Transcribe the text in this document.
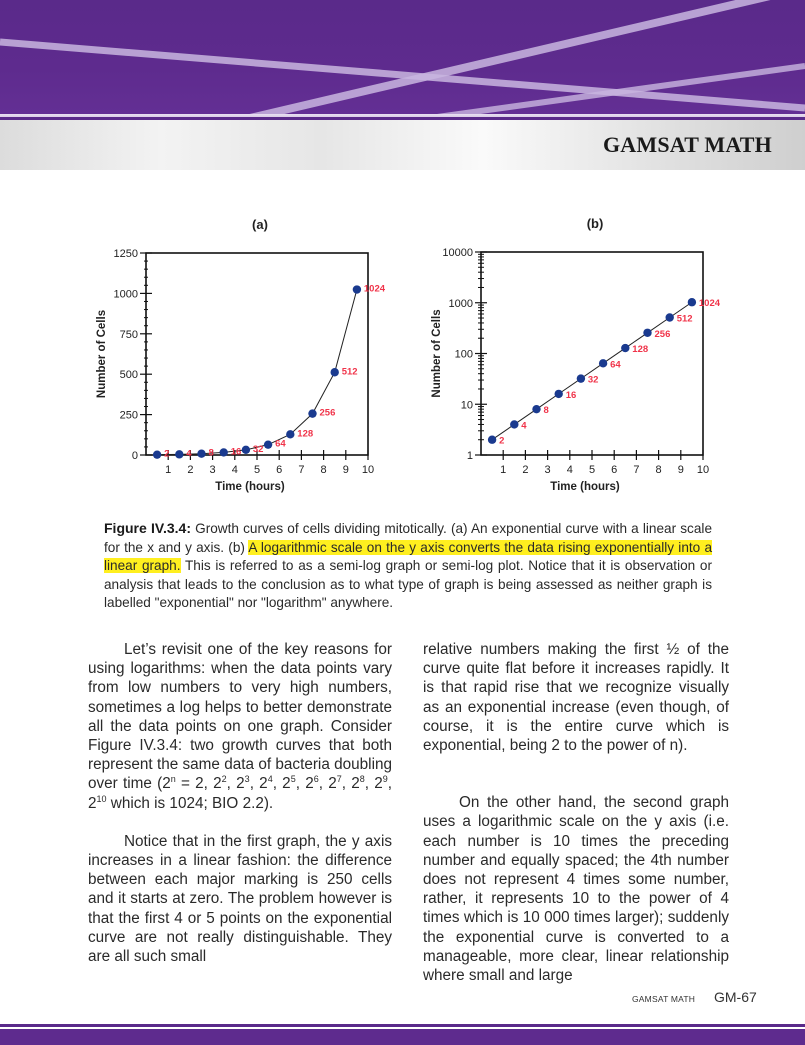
GAMSAT MATH
(a)
0
250
500
750
1000
1250
1 2 3 4 5 6 7 8 9 10
Time (hours)
Number of Cells
2 4 8 16 32 64
128
256
512
1024
(b)
1
10
100
1000
10000
1 2 3 4 5 6 7 8 9 10
Time (hours)
Number of Cells
2
4
8
16
32
64
128
256
512
1024
Figure IV.3.4: Growth curves of cells dividing mitotically. (a) An exponential curve with a linear scale for the x and y axis. (b) A logarithmic scale on the y axis converts the data rising exponentially into a linear graph. This is referred to as a semi-log graph or semi-log plot. Notice that it is observation or analysis that leads to the conclusion as to what type of graph is being assessed as neither graph is labelled "exponential" nor "logarithm" anywhere.

Let’s revisit one of the key reasons for using logarithms: when the data points vary from low numbers to very high numbers, sometimes a log helps to better demonstrate all the data points on one graph. Consider Figure IV.3.4: two growth curves that both represent the same data of bacteria doubling over time ($2^n = 2$, $2^2$, $2^3$, $2^4$, $2^5$, $2^6$, $2^7$, $2^8$, $2^9$, $2^{10}$ which is 1024; BIO 2.2).

Notice that in the first graph, the y axis increases in a linear fashion: the difference between each major marking is 250 cells and it starts at zero. The problem however is that the first 4 or 5 points on the exponential curve are not really distinguishable. They are all such small

relative numbers making the first ½ of the curve quite flat before it increases rapidly. It is that rapid rise that we recognize visually as an exponential increase (even though, of course, it is the entire curve which is exponential, being 2 to the power of n).

On the other hand, the second graph uses a logarithmic scale on the y axis (i.e. each number is 10 times the preceding number and equally spaced; the 4th number does not represent 4 times some number, rather, it represents 10 to the power of 4 times which is 10 000 times larger); suddenly the exponential curve is converted to a manageable, more clear, linear relationship where small and large

GAMSAT MATH GM-67
